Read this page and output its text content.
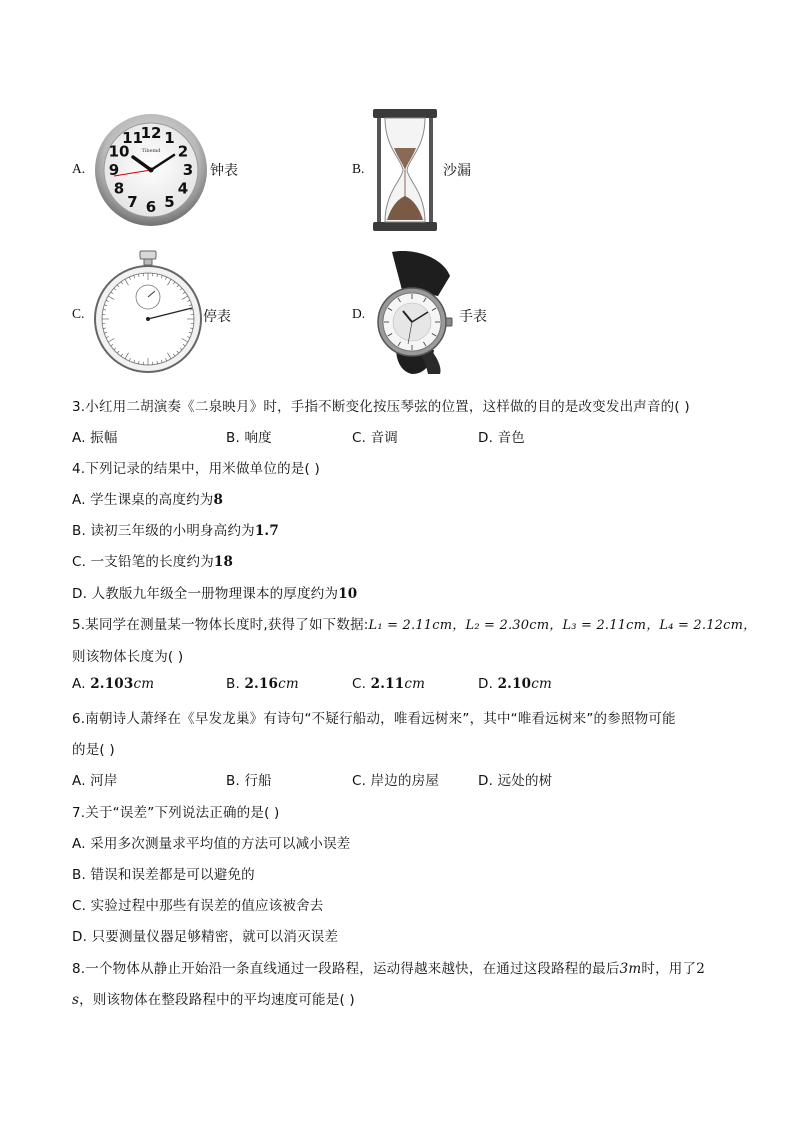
A.
12 1
2
3
4
5
6
7
8
9
10
11
Tibemd
钟表	B.	沙漏
C.	停表	D.	手表
3.小红用二胡演奏《二泉映月》时，手指不断变化按压琴弦的位置，这样做的目的是改变发出声音的( )
A. 振幅	B. 响度	C. 音调	D. 音色
4.下列记录的结果中，用米做单位的是( )
A. 学生课桌的高度约为8
B. 读初三年级的小明身高约为1.7
C. 一支铅笔的长度约为18
D. 人教版九年级全一册物理课本的厚度约为10
5.某同学在测量某一物体长度时,获得了如下数据:L₁ = 2.11cm，L₂ = 2.30cm，L₃ = 2.11cm，L₄ = 2.12cm，
则该物体长度为( )
A. 2.103cm	B. 2.16cm	C. 2.11cm	D. 2.10cm
6.南朝诗人萧绎在《早发龙巢》有诗句“不疑行船动，唯看远树来”，其中“唯看远树来”的参照物可能
的是( )
A. 河岸	B. 行船	C. 岸边的房屋	D. 远处的树
7.关于“误差”下列说法正确的是( )
A. 采用多次测量求平均值的方法可以减小误差
B. 错误和误差都是可以避免的
C. 实验过程中那些有误差的值应该被舍去
D. 只要测量仪器足够精密，就可以消灭误差
8.一个物体从静止开始沿一条直线通过一段路程，运动得越来越快，在通过这段路程的最后3m时，用了2
s，则该物体在整段路程中的平均速度可能是( )
